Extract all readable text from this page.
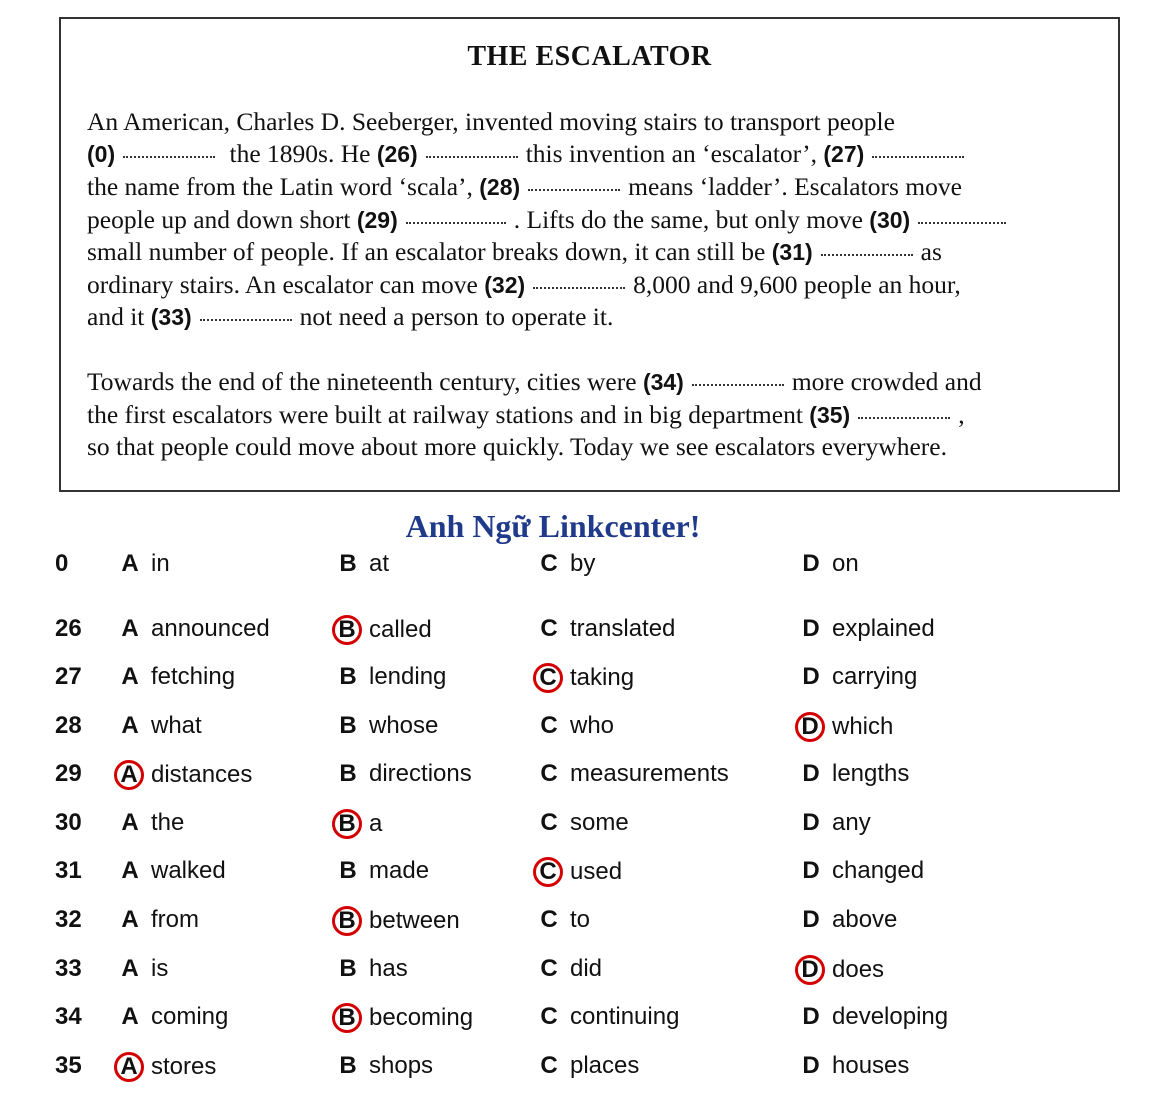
THE ESCALATOR
An American, Charles D. Seeberger, invented moving stairs to transport people
(0)	the 1890s. He (26)	this invention an ‘escalator’, (27)
the name from the Latin word ‘scala’, (28)	means ‘ladder’. Escalators move
people up and down short (29)	. Lifts do the same, but only move (30)
small number of people. If an escalator breaks down, it can still be (31)	as
ordinary stairs. An escalator can move (32)	8,000 and 9,600 people an hour,
and it (33)	not need a person to operate it.
Towards the end of the nineteenth century, cities were (34)	more crowded and
the first escalators were built at railway stations and in big department (35)	,
so that people could move about more quickly. Today we see escalators everywhere.
Anh Ngữ Linkcenter!
0	A in	B at	C by	D on
26	A announced	B called	C translated	D explained
27	A fetching	B lending	C taking	D carrying
28	A what	B whose	C who	D which
29	A distances	B directions	C measurements	D lengths
30	A the	B a	C some	D any
31	A walked	B made	C used	D changed
32	A from	B between	C to	D above
33	A is	B has	C did	D does
34	A coming	B becoming	C continuing	D developing
35	A stores	B shops	C places	D houses
